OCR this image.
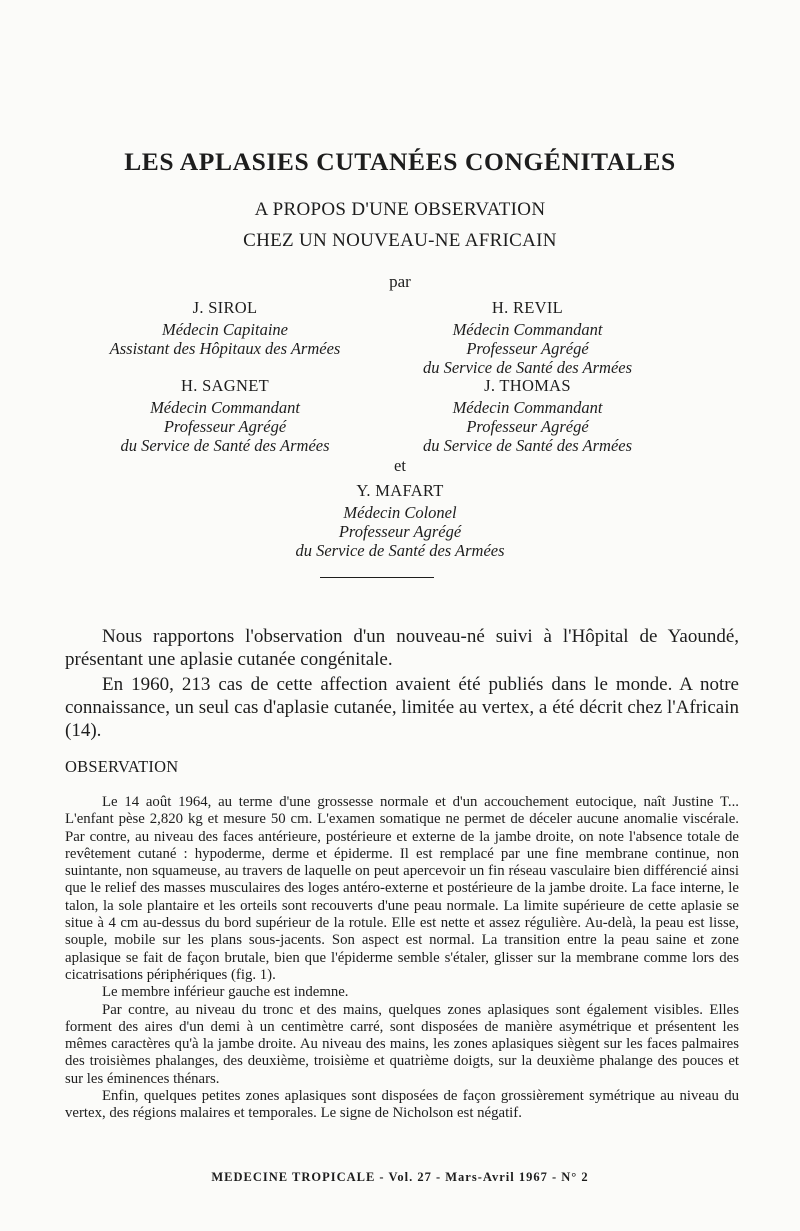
LES APLASIES CUTANÉES CONGÉNITALES
A PROPOS D'UNE OBSERVATION
CHEZ UN NOUVEAU-NE AFRICAIN
par
J. SIROL
Médecin Capitaine
Assistant des Hôpitaux des Armées
H. REVIL
Médecin Commandant
Professeur Agrégé
du Service de Santé des Armées
H. SAGNET
Médecin Commandant
Professeur Agrégé
du Service de Santé des Armées
J. THOMAS
Médecin Commandant
Professeur Agrégé
du Service de Santé des Armées
et
Y. MAFART
Médecin Colonel
Professeur Agrégé
du Service de Santé des Armées

Nous rapportons l'observation d'un nouveau-né suivi à l'Hôpital de Yaoundé, présentant une aplasie cutanée congénitale.

En 1960, 213 cas de cette affection avaient été publiés dans le monde. A notre connaissance, un seul cas d'aplasie cutanée, limitée au vertex, a été décrit chez l'Africain (14).

OBSERVATION

Le 14 août 1964, au terme d'une grossesse normale et d'un accouchement eutocique, naît Justine T... L'enfant pèse 2,820 kg et mesure 50 cm. L'examen somatique ne permet de déceler aucune anomalie viscérale. Par contre, au niveau des faces antérieure, postérieure et externe de la jambe droite, on note l'absence totale de revêtement cutané : hypoderme, derme et épiderme. Il est remplacé par une fine membrane continue, non suintante, non squameuse, au travers de laquelle on peut apercevoir un fin réseau vasculaire bien différencié ainsi que le relief des masses musculaires des loges antéro-externe et postérieure de la jambe droite. La face interne, le talon, la sole plantaire et les orteils sont recouverts d'une peau normale. La limite supérieure de cette aplasie se situe à 4 cm au-dessus du bord supérieur de la rotule. Elle est nette et assez régulière. Au-delà, la peau est lisse, souple, mobile sur les plans sous-jacents. Son aspect est normal. La transition entre la peau saine et zone aplasique se fait de façon brutale, bien que l'épiderme semble s'étaler, glisser sur la membrane comme lors des cicatrisations périphériques (fig. 1).

Le membre inférieur gauche est indemne.

Par contre, au niveau du tronc et des mains, quelques zones aplasiques sont également visibles. Elles forment des aires d'un demi à un centimètre carré, sont disposées de manière asymétrique et présentent les mêmes caractères qu'à la jambe droite. Au niveau des mains, les zones aplasiques siègent sur les faces palmaires des troisièmes phalanges, des deuxième, troisième et quatrième doigts, sur la deuxième phalange des pouces et sur les éminences thénars.

Enfin, quelques petites zones aplasiques sont disposées de façon grossièrement symétrique au niveau du vertex, des régions malaires et temporales. Le signe de Nicholson est négatif.

MEDECINE TROPICALE - Vol. 27 - Mars-Avril 1967 - N° 2
